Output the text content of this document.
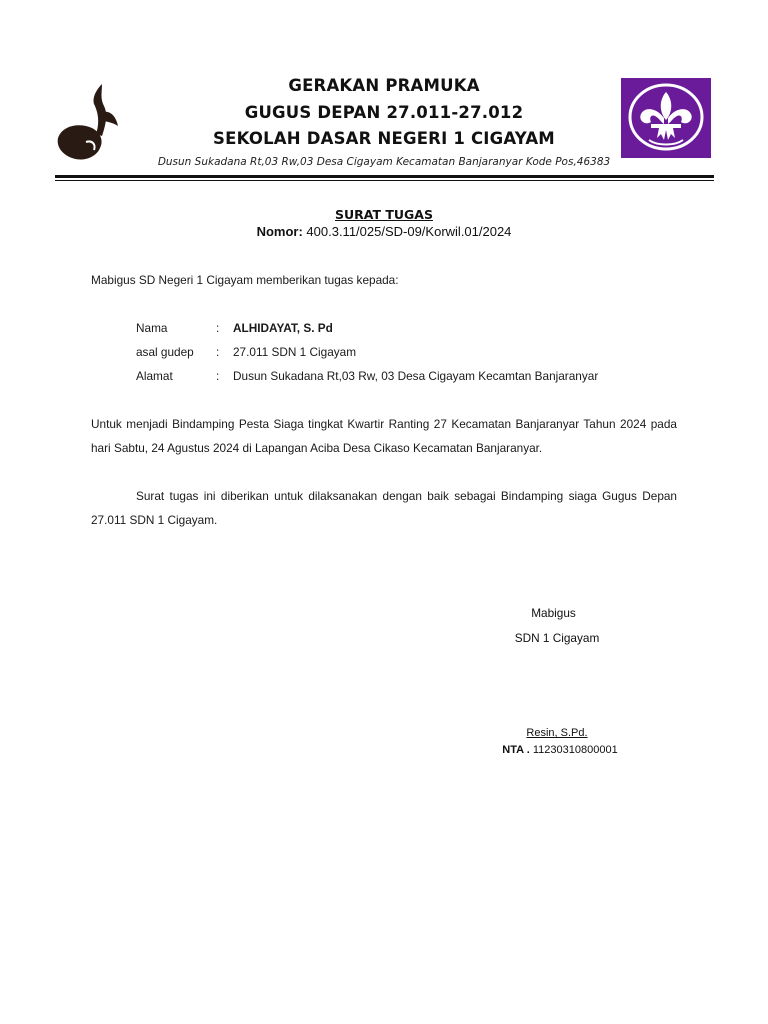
GERAKAN PRAMUKA
GUGUS DEPAN 27.011-27.012
SEKOLAH DASAR NEGERI 1 CIGAYAM
Dusun Sukadana Rt,03 Rw,03 Desa Cigayam Kecamatan Banjaranyar Kode Pos,46383
SURAT TUGAS
Nomor: 400.3.11/025/SD-09/Korwil.01/2024
Mabigus SD Negeri 1 Cigayam memberikan tugas kepada:
Nama	:	ALHIDAYAT, S. Pd
asal gudep	:	27.011 SDN 1 Cigayam
Alamat	:	Dusun Sukadana Rt,03 Rw, 03 Desa Cigayam Kecamtan Banjaranyar
Untuk menjadi Bindamping Pesta Siaga tingkat Kwartir Ranting 27 Kecamatan Banjaranyar Tahun 2024 pada hari Sabtu, 24 Agustus 2024 di Lapangan Aciba Desa Cikaso Kecamatan Banjaranyar.
Surat tugas ini diberikan untuk dilaksanakan dengan baik sebagai Bindamping siaga Gugus Depan 27.011 SDN 1 Cigayam.
Mabigus
SDN 1 Cigayam
Resin, S.Pd.
NTA . 11230310800001
